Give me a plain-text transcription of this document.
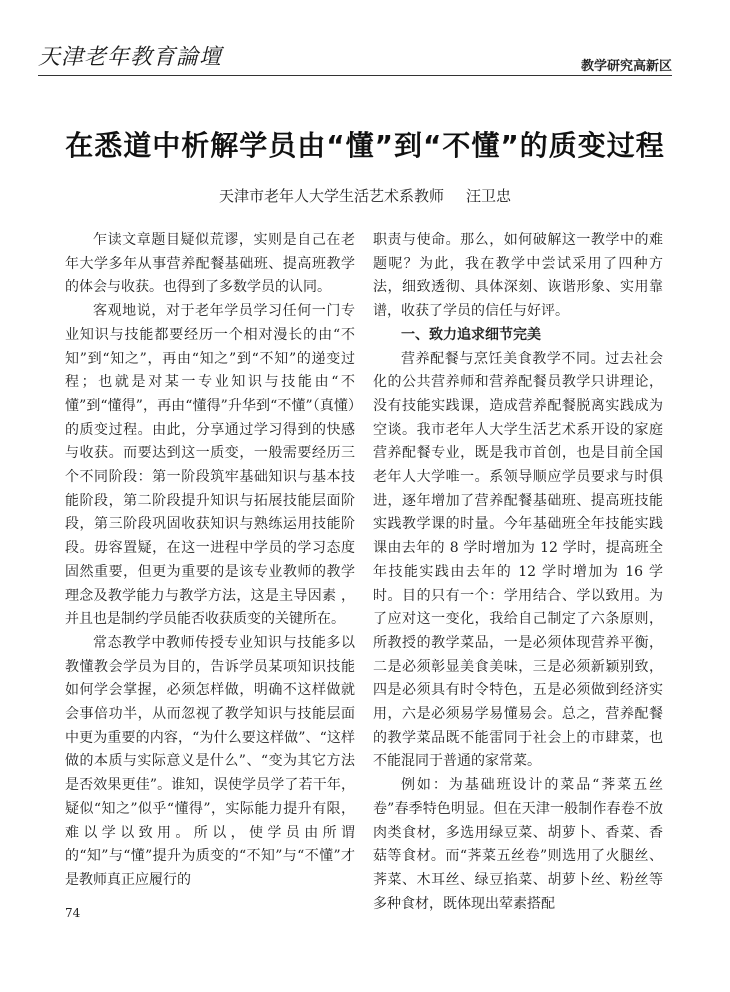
天津老年教育論壇	教学研究高新区
在悉道中析解学员由“懂”到“不懂”的质变过程
天津市老年人大学生活艺术系教师 汪卫忠

乍读文章题目疑似荒谬，实则是自己在老年大学多年从事营养配餐基础班、提高班教学的体会与收获。也得到了多数学员的认同。

客观地说，对于老年学员学习任何一门专业知识与技能都要经历一个相对漫长的由“不知”到“知之”，再由“知之”到“不知”的递变过程；也就是对某一专业知识与技能由“不懂”到“懂得”，再由“懂得”升华到“不懂”（真懂）的质变过程。由此，分享通过学习得到的快感与收获。而要达到这一质变，一般需要经历三个不同阶段：第一阶段筑牢基础知识与基本技能阶段，第二阶段提升知识与拓展技能层面阶段，第三阶段巩固收获知识与熟练运用技能阶段。毋容置疑，在这一进程中学员的学习态度固然重要，但更为重要的是该专业教师的教学理念及教学能力与教学方法，这是主导因素 ，并且也是制约学员能否收获质变的关键所在。

常态教学中教师传授专业知识与技能多以教懂教会学员为目的，告诉学员某项知识技能如何学会掌握，必须怎样做，明确不这样做就会事倍功半，从而忽视了教学知识与技能层面中更为重要的内容，“为什么要这样做”、“这样做的本质与实际意义是什么”、“变为其它方法是否效果更佳”。谁知，误使学员学了若干年，疑似“知之”似乎“懂得”，实际能力提升有限，难以学以致用。所以，使学员由所谓的“知”与“懂”提升为质变的“不知”与“不懂”才是教师真正应履行的

职责与使命。那么，如何破解这一教学中的难题呢？为此，我在教学中尝试采用了四种方法，细致透彻、具体深刻、诙谐形象、实用靠谱，收获了学员的信任与好评。

一、致力追求细节完美

营养配餐与烹饪美食教学不同。过去社会化的公共营养师和营养配餐员教学只讲理论，没有技能实践课，造成营养配餐脱离实践成为空谈。我市老年人大学生活艺术系开设的家庭营养配餐专业，既是我市首创，也是目前全国老年人大学唯一。系领导顺应学员要求与时俱进，逐年增加了营养配餐基础班、提高班技能实践教学课的时量。今年基础班全年技能实践课由去年的 8 学时增加为 12 学时，提高班全年技能实践由去年的 12 学时增加为 16 学时。目的只有一个：学用结合、学以致用。为了应对这一变化，我给自己制定了六条原则，所教授的教学菜品，一是必须体现营养平衡，二是必须彰显美食美味，三是必须新颖别致，四是必须具有时令特色，五是必须做到经济实用，六是必须易学易懂易会。总之，营养配餐的教学菜品既不能雷同于社会上的市肆菜，也不能混同于普通的家常菜。

例如：为基础班设计的菜品“荠菜五丝卷”春季特色明显。但在天津一般制作春卷不放肉类食材，多选用绿豆菜、胡萝卜、香菜、香菇等食材。而“荠菜五丝卷”则选用了火腿丝、荠菜、木耳丝、绿豆掐菜、胡萝卜丝、粉丝等多种食材，既体现出荤素搭配

74
